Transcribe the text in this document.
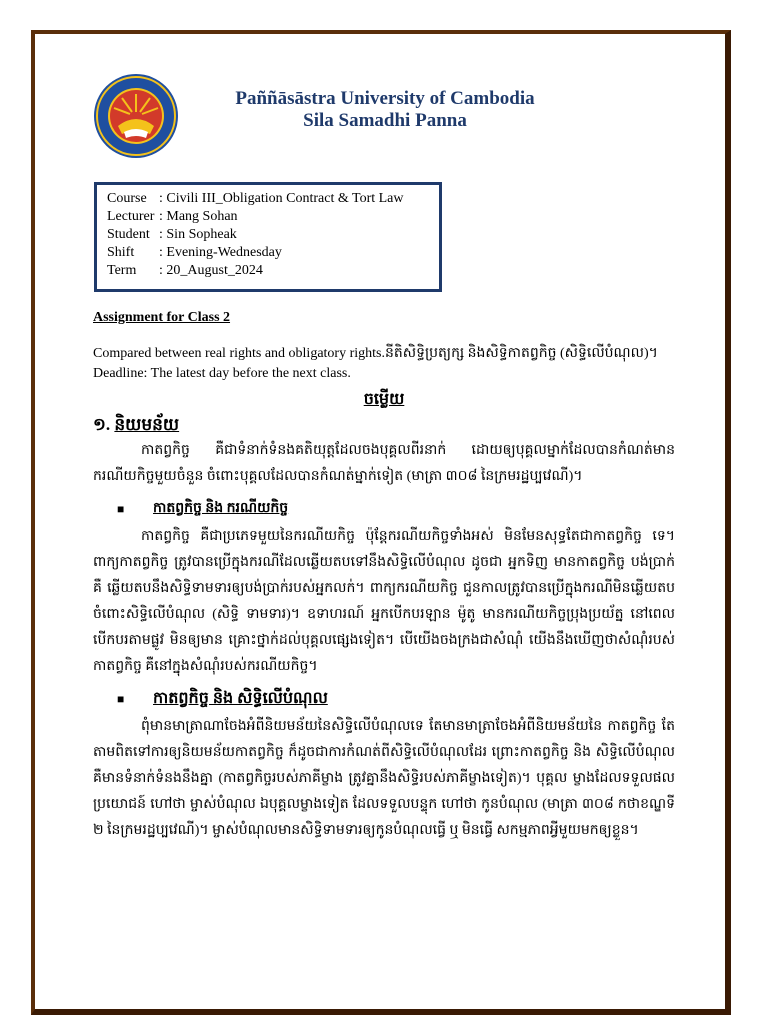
Paññāsāstra University of Cambodia
Sila Samadhi Panna
Course : Civili III_Obligation Contract & Tort Law
Lecturer : Mang Sohan
Student : Sin Sopheak
Shift	: Evening-Wednesday
Term	: 20_August_2024

Assignment for Class 2

Compared between real rights and obligatory rights.នីតិសិទ្ធិប្រត្យក្ស និងសិទ្ធិកាតព្វកិច្ច (សិទ្ធិលើបំណុល)។
Deadline: The latest day before the next class.

ចម្លើយ

១. និយមន័យ

កាតព្វកិច្ច គឺជាទំនាក់ទំនងគតិយុត្តដែលចងបុគ្គលពីរនាក់ ដោយឲ្យបុគ្គលម្នាក់ដែលបានកំណត់មានករណីយកិច្ចមួយចំនួន ចំពោះបុគ្គលដែលបានកំណត់ម្នាក់ទៀត (មាត្រា ៣០៨ នៃក្រមរដ្ឋប្បវេណី)។

■	កាតព្វកិច្ច និង ករណីយកិច្ច

កាតព្វកិច្ច គឺជាប្រភេទមួយនៃករណីយកិច្ច ប៉ុន្តែករណីយកិច្ចទាំងអស់ មិនមែនសុទ្ធតែជាកាតព្វកិច្ច ទេ។ ពាក្យកាតព្វកិច្ច ត្រូវបានប្រើក្នុងករណីដែលឆ្លើយតបទៅនឹងសិទ្ធិលើបំណុល ដូចជា អ្នកទិញ មានកាតព្វកិច្ច បង់ប្រាក់ គឺ ឆ្លើយតបនឹងសិទ្ធិទាមទារឲ្យបង់ប្រាក់របស់អ្នកលក់។ ពាក្យករណីយកិច្ច ជួនកាលត្រូវបានប្រើក្នុងករណីមិនឆ្លើយតបចំពោះសិទ្ធិលើបំណុល (សិទ្ធិ ទាមទារ)។ ឧទាហរណ៍ អ្នកបើកបរឡាន ម៉ូតូ មានករណីយកិច្ចប្រុងប្រយ័ត្ន នៅពេលបើកបរតាមផ្លូវ មិនឲ្យមាន គ្រោះថ្នាក់ដល់បុគ្គលផ្សេងទៀត។ បើយើងចងក្រងជាសំណុំ យើងនឹងឃើញថាសំណុំរបស់កាតព្វកិច្ច គឺនៅក្នុងសំណុំរបស់ករណីយកិច្ច។

■	កាតព្វកិច្ច និង សិទ្ធិលើបំណុល

ពុំមានមាត្រាណាចែងអំពីនិយមន័យនៃសិទ្ធិលើបំណុលទេ តែមានមាត្រាចែងអំពីនិយមន័យនៃ កាតព្វកិច្ច តែតាមពិតទៅការឲ្យនិយមន័យកាតព្វកិច្ច ក៏ដូចជាការកំណត់ពីសិទ្ធិលើបំណុលដែរ ព្រោះកាតព្វកិច្ច និង សិទ្ធិលើបំណុល គឺមានទំនាក់ទំនងនឹងគ្នា (កាតព្វកិច្ចរបស់ភាគីម្ខាង ត្រូវគ្នានឹងសិទ្ធិរបស់ភាគីម្ខាងទៀត)។ បុគ្គល ម្ខាងដែលទទួលផលប្រយោជន៍ ហៅថា ម្ចាស់បំណុល ឯបុគ្គលម្ខាងទៀត ដែលទទួលបន្ទុក ហៅថា កូនបំណុល (មាត្រា ៣០៨ កថាខណ្ឌទី ២ នៃក្រមរដ្ឋប្បវេណី)។ ម្ចាស់បំណុលមានសិទ្ធិទាមទារឲ្យកូនបំណុលធ្វើ ឬ មិនធ្វើ សកម្មភាពអ្វីមួយមកឲ្យខ្លួន។
